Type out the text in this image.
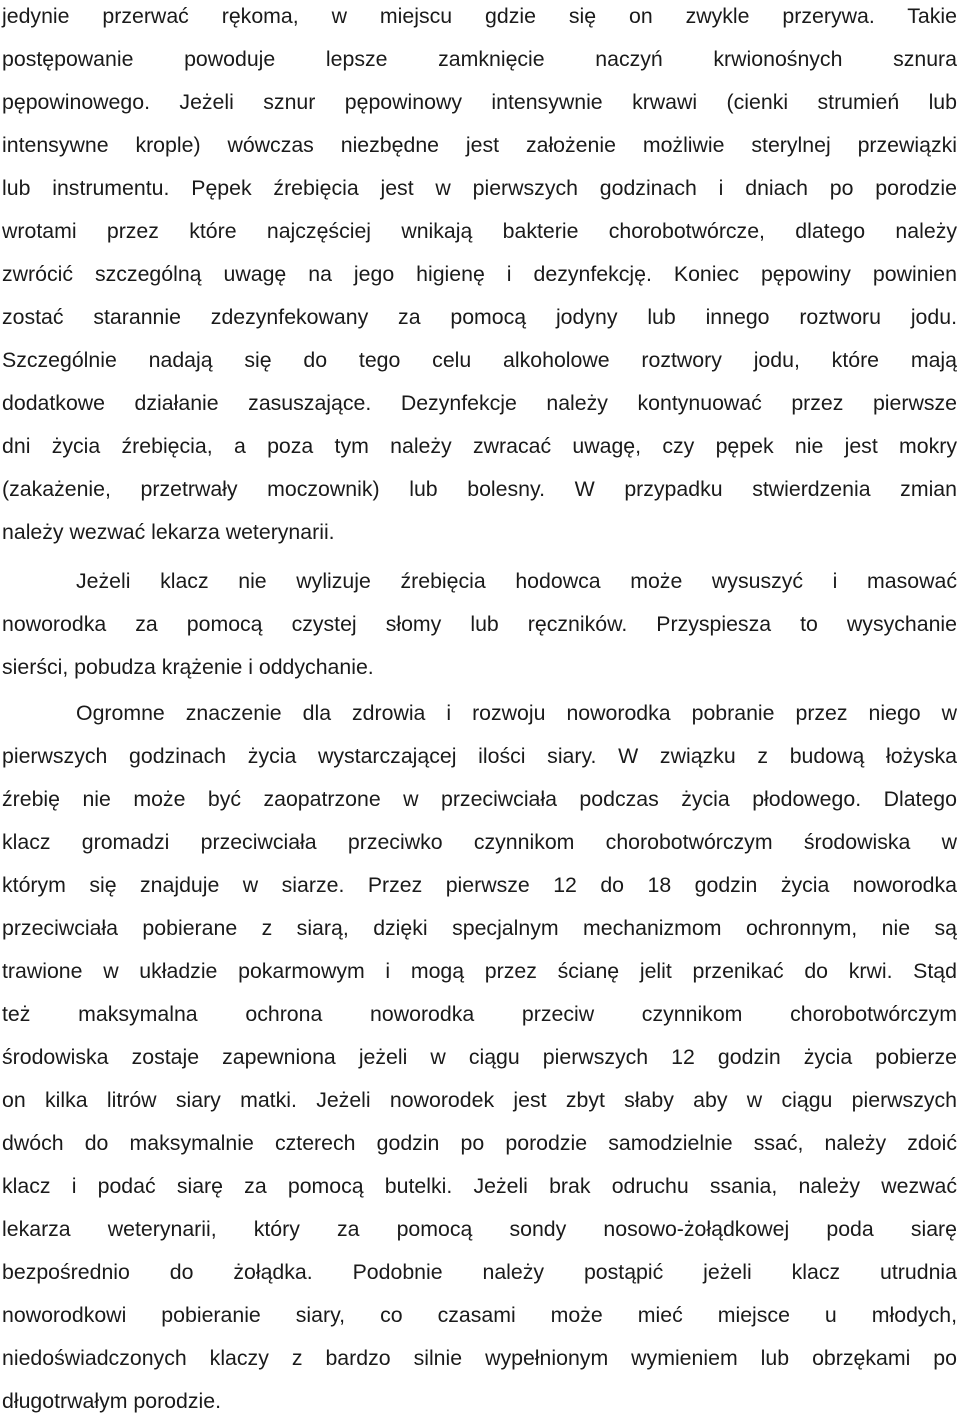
jedynie przerwać rękoma, w miejscu gdzie się on zwykle przerywa. Takie
postępowanie powoduje lepsze zamknięcie naczyń krwionośnych sznura
pępowinowego. Jeżeli sznur pępowinowy intensywnie krwawi (cienki strumień lub
intensywne krople) wówczas niezbędne jest założenie możliwie sterylnej przewiązki
lub instrumentu. Pępek źrebięcia jest w pierwszych godzinach i dniach po porodzie
wrotami przez które najczęściej wnikają bakterie chorobotwórcze, dlatego należy
zwrócić szczególną uwagę na jego higienę i dezynfekcję. Koniec pępowiny powinien
zostać starannie zdezynfekowany za pomocą jodyny lub innego roztworu jodu.
Szczególnie nadają się do tego celu alkoholowe roztwory jodu, które mają
dodatkowe działanie zasuszające. Dezynfekcje należy kontynuować przez pierwsze
dni życia źrebięcia, a poza tym należy zwracać uwagę, czy pępek nie jest mokry
(zakażenie, przetrwały moczownik) lub bolesny. W przypadku stwierdzenia zmian
należy wezwać lekarza weterynarii.
Jeżeli klacz nie wylizuje źrebięcia hodowca może wysuszyć i masować
noworodka za pomocą czystej słomy lub ręczników. Przyspiesza to wysychanie
sierści, pobudza krążenie i oddychanie.
Ogromne znaczenie dla zdrowia i rozwoju noworodka pobranie przez niego w
pierwszych godzinach życia wystarczającej ilości siary. W związku z budową łożyska
źrebię nie może być zaopatrzone w przeciwciała podczas życia płodowego. Dlatego
klacz gromadzi przeciwciała przeciwko czynnikom chorobotwórczym środowiska w
którym się znajduje w siarze. Przez pierwsze 12 do 18 godzin życia noworodka
przeciwciała pobierane z siarą, dzięki specjalnym mechanizmom ochronnym, nie są
trawione w układzie pokarmowym i mogą przez ścianę jelit przenikać do krwi. Stąd
też maksymalna ochrona noworodka przeciw czynnikom chorobotwórczym
środowiska zostaje zapewniona jeżeli w ciągu pierwszych 12 godzin życia pobierze
on kilka litrów siary matki. Jeżeli noworodek jest zbyt słaby aby w ciągu pierwszych
dwóch do maksymalnie czterech godzin po porodzie samodzielnie ssać, należy zdoić
klacz i podać siarę za pomocą butelki. Jeżeli brak odruchu ssania, należy wezwać
lekarza weterynarii, który za pomocą sondy nosowo-żołądkowej poda siarę
bezpośrednio do żołądka. Podobnie należy postąpić jeżeli klacz utrudnia
noworodkowi pobieranie siary, co czasami może mieć miejsce u młodych,
niedoświadczonych klaczy z bardzo silnie wypełnionym wymieniem lub obrzękami po
długotrwałym porodzie.
